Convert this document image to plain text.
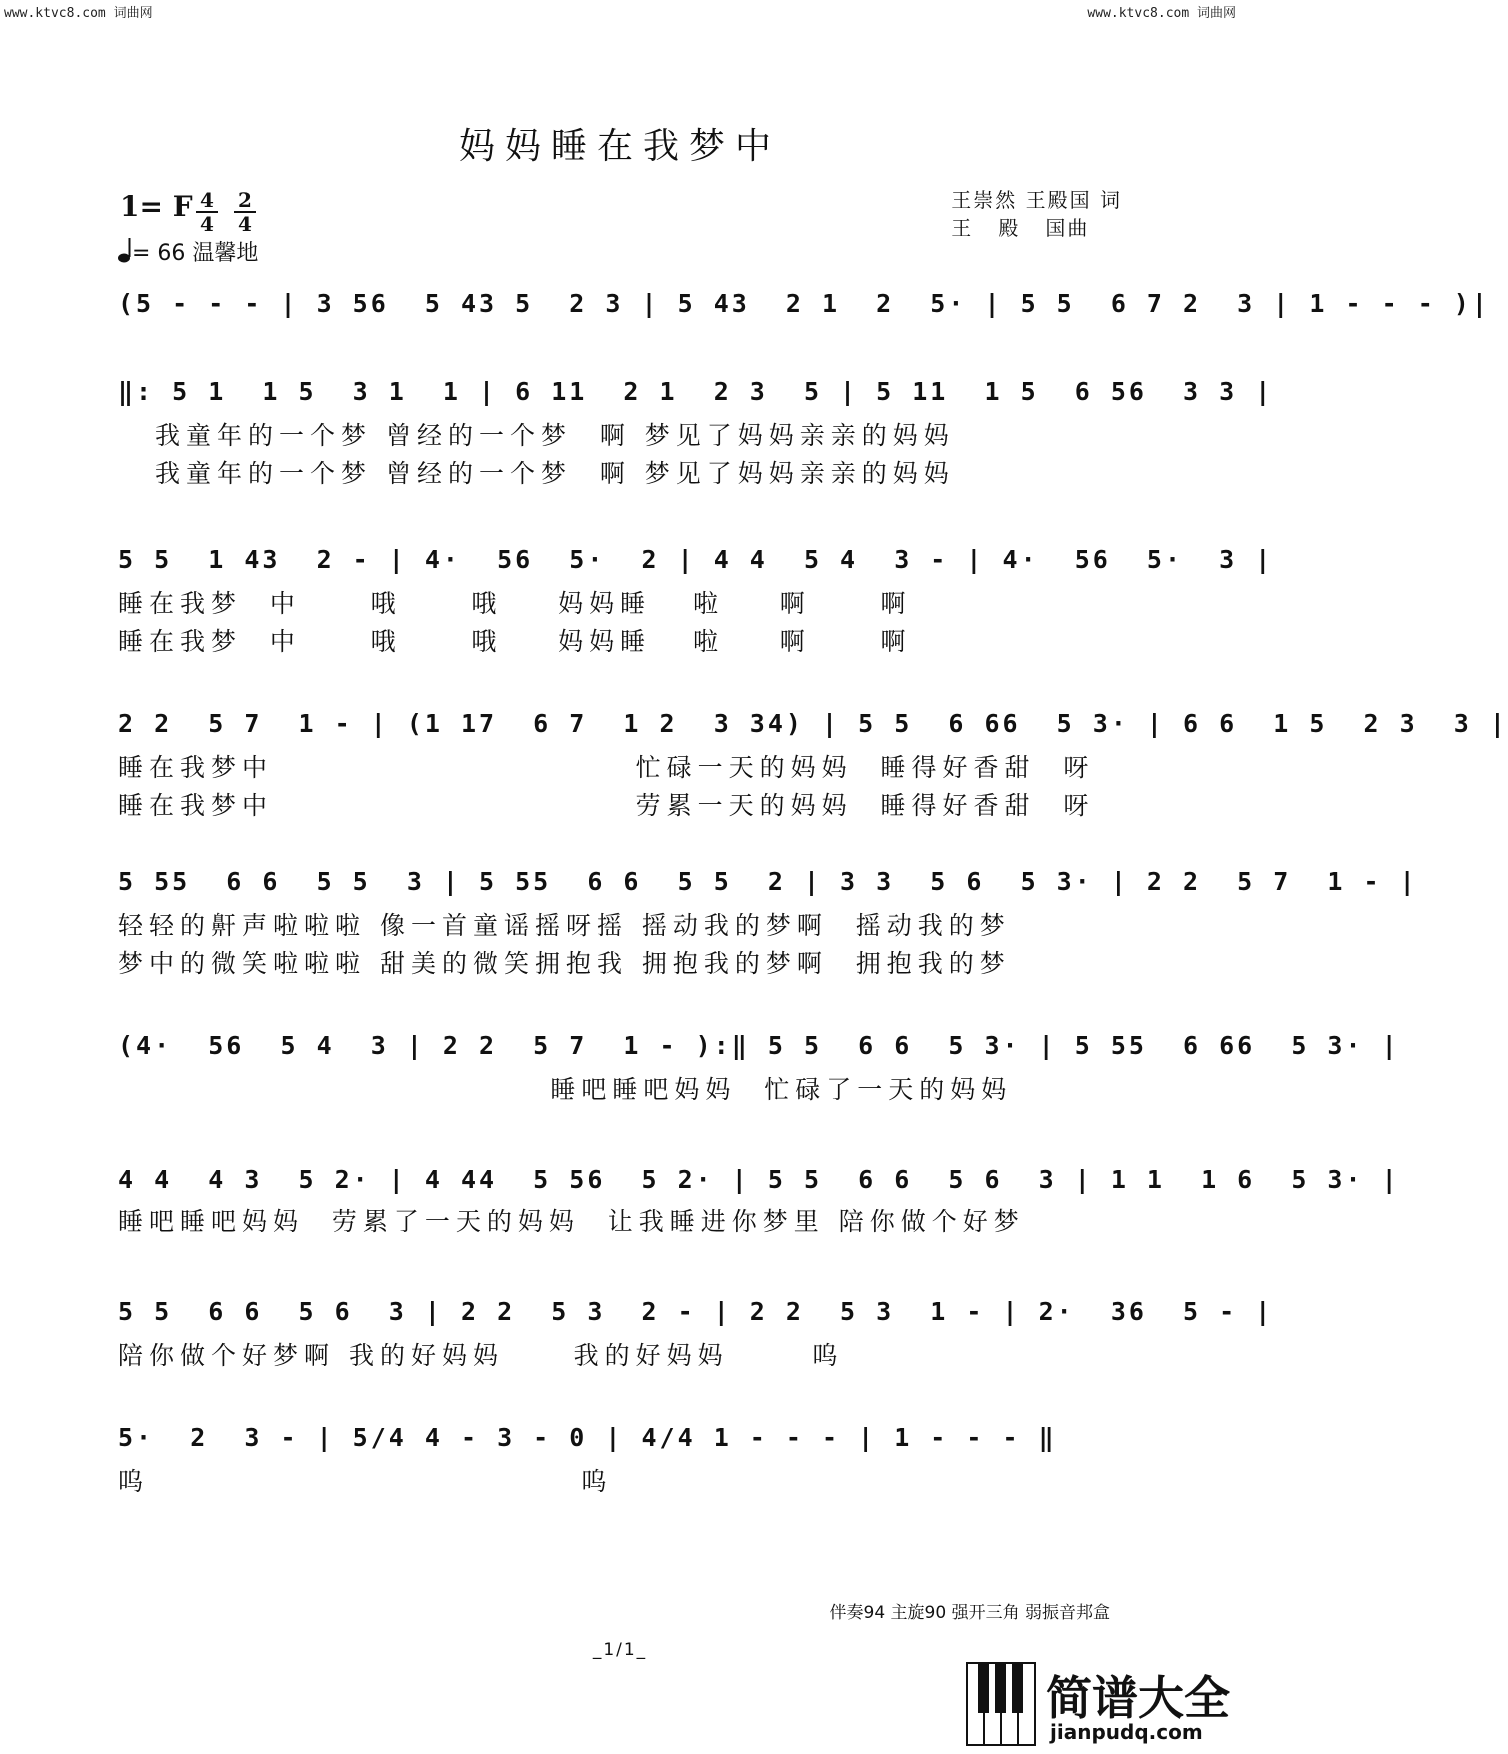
www.ktvc8.com 词曲网	www.ktvc8.com 词曲网
妈妈睡在我梦中
1= F 4
4
2
4
= 66 温馨地
王崇然 王殿国 词
王   殿   国曲
(5 - - - | 3 56  5 43 5  2 3 | 5 43  2 1  2  5· | 5 5  6 7 2  3 | 1 - - - )|
‖: 5 1  1 5  3 1  1 | 6 11  2 1  2 3  5 | 5 11  1 5  6 56  3 3 |
我童年的一个梦 曾经的一个梦  啊 梦见了妈妈亲亲的妈妈
我童年的一个梦 曾经的一个梦  啊 梦见了妈妈亲亲的妈妈
5 5  1 43  2 - | 4·  56  5·  2 | 4 4  5 4  3 - | 4·  56  5·  3 |
睡在我梦  中     哦     哦    妈妈睡   啦    啊     啊
睡在我梦  中     哦     哦    妈妈睡   啦    啊     啊
2 2  5 7  1 - | (1 17  6 7  1 2  3 34) | 5 5  6 66  5 3· | 6 6  1 5  2 3  3 |
睡在我梦中                          忙碌一天的妈妈  睡得好香甜  呀
睡在我梦中                          劳累一天的妈妈  睡得好香甜  呀
5 55  6 6  5 5  3 | 5 55  6 6  5 5  2 | 3 3  5 6  5 3· | 2 2  5 7  1 - |
轻轻的鼾声啦啦啦 像一首童谣摇呀摇 摇动我的梦啊  摇动我的梦
梦中的微笑啦啦啦 甜美的微笑拥抱我 拥抱我的梦啊  拥抱我的梦
(4·  56  5 4  3 | 2 2  5 7  1 - ):‖ 5 5  6 6  5 3· | 5 55  6 66  5 3· |
睡吧睡吧妈妈  忙碌了一天的妈妈
4 4  4 3  5 2· | 4 44  5 56  5 2· | 5 5  6 6  5 6  3 | 1 1  1 6  5 3· |
睡吧睡吧妈妈  劳累了一天的妈妈  让我睡进你梦里 陪你做个好梦
5 5  6 6  5 6  3 | 2 2  5 3  2 - | 2 2  5 3  1 - | 2·  36  5 - |
陪你做个好梦啊 我的好妈妈     我的好妈妈      呜
5·  2  3 - | 5/4 4 - 3 - 0 | 4/4 1 - - - | 1 - - - ‖
呜                               呜
伴奏94 主旋90 强开三角 弱振音邦盒
_1/1_
简谱大全
jianpudq.com
